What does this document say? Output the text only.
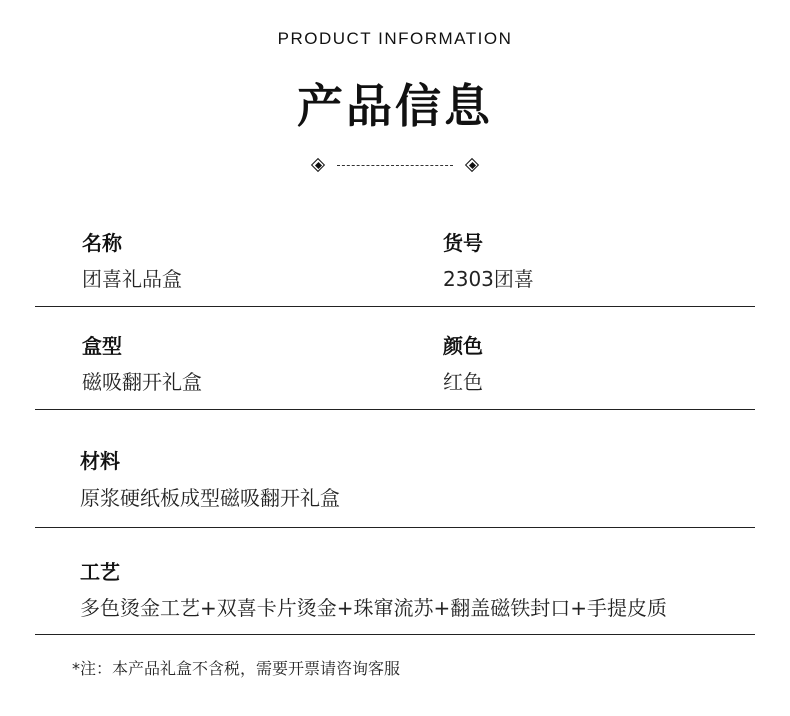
PRODUCT INFORMATION
产品信息
名称
团喜礼品盒
货号
2303团喜
盒型
磁吸翻开礼盒
颜色
红色
材料
原浆硬纸板成型磁吸翻开礼盒
工艺
多色烫金工艺+双喜卡片烫金+珠窜流苏+翻盖磁铁封口+手提皮质
*注：本产品礼盒不含税，需要开票请咨询客服
